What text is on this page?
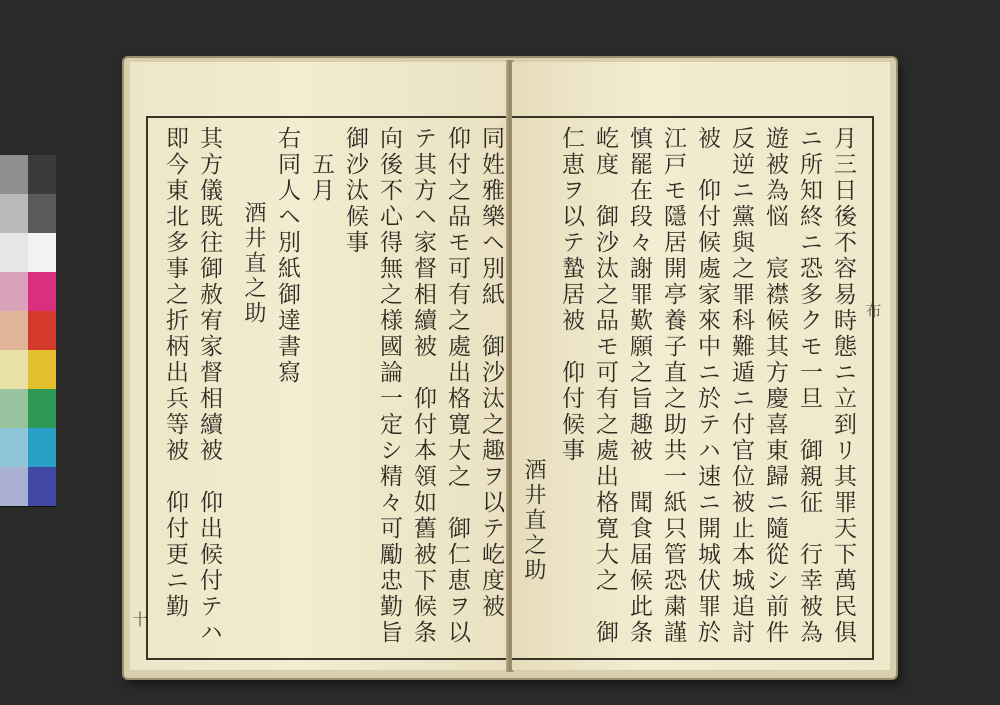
十	同姓雅樂ヘ別紙　御沙汰之趣ヲ以テ屹度被
仰付之品モ可有之處出格寛大之　御仁恵ヲ以
テ其方ヘ家督相續被　仰付本領如舊被下候条
向後不心得無之様國論一定シ精々可勵忠勤旨
御沙汰候事
　五月
右同人ヘ別紙御達書寫
　　　酒井直之助
其方儀既往御赦宥家督相續被　仰出候付テハ
即今東北多事之折柄出兵等被　仰付更ニ勤	布
月三日後不容易時態ニ立到リ其罪天下萬民俱
ニ所知終ニ恐多クモ一旦　御親征　行幸被為
遊被為悩　宸襟候其方慶喜東歸ニ隨從シ前件
反逆ニ黨與之罪科難遁ニ付官位被止本城追討
被　仰付候處家來中ニ於テハ速ニ開城伏罪於
江戸モ隱居開亭養子直之助共一紙只管恐粛謹
慎罷在段々謝罪歎願之旨趣被　聞食届候此条
屹度　御沙汰之品モ可有之處出格寛大之　御
仁恵ヲ以テ蟄居被　仰付候事
酒井直之助
